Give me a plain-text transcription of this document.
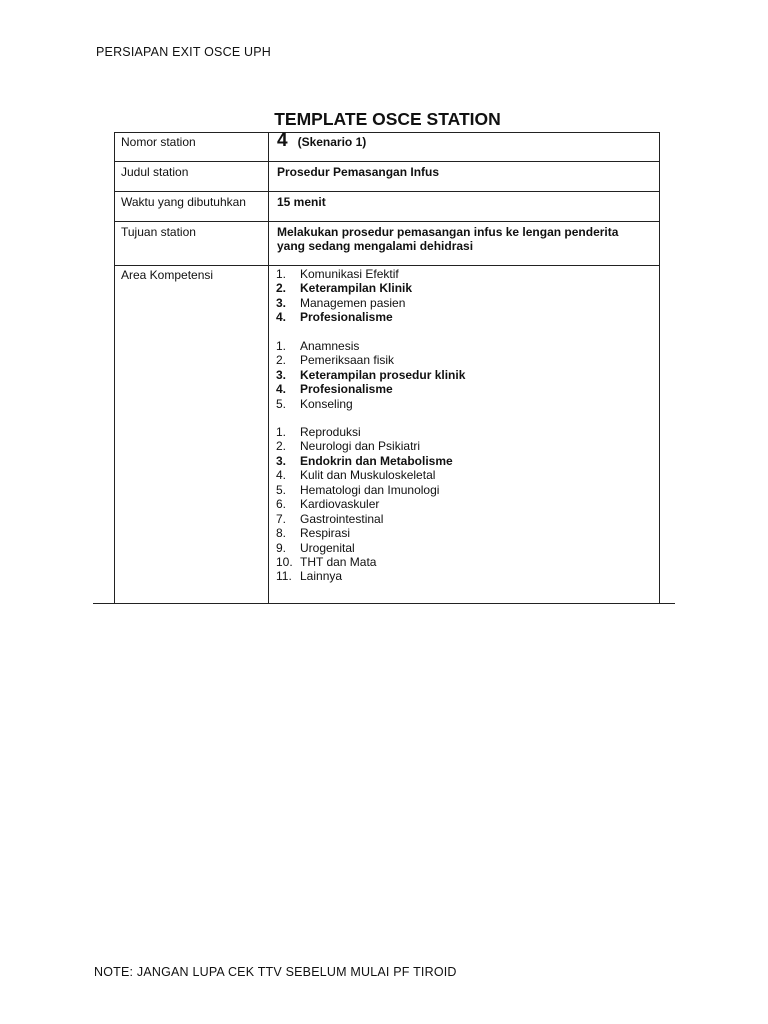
PERSIAPAN EXIT OSCE UPH
TEMPLATE OSCE STATION
Nomor station	4 (Skenario 1)
Judul station	Prosedur Pemasangan Infus
Waktu yang dibutuhkan	15 menit
Tujuan station	Melakukan prosedur pemasangan infus ke lengan penderita
yang sedang mengalami dehidrasi
Area Kompetensi	1. Komunikasi Efektif
2. Keterampilan Klinik
3. Managemen pasien
4. Profesionalisme
1. Anamnesis
2. Pemeriksaan fisik
3. Keterampilan prosedur klinik
4. Profesionalisme
5. Konseling
1. Reproduksi
2. Neurologi dan Psikiatri
3. Endokrin dan Metabolisme
4. Kulit dan Muskuloskeletal
5. Hematologi dan Imunologi
6. Kardiovaskuler
7. Gastrointestinal
8. Respirasi
9. Urogenital
10. THT dan Mata
11. Lainnya
NOTE: JANGAN LUPA CEK TTV SEBELUM MULAI PF TIROID
